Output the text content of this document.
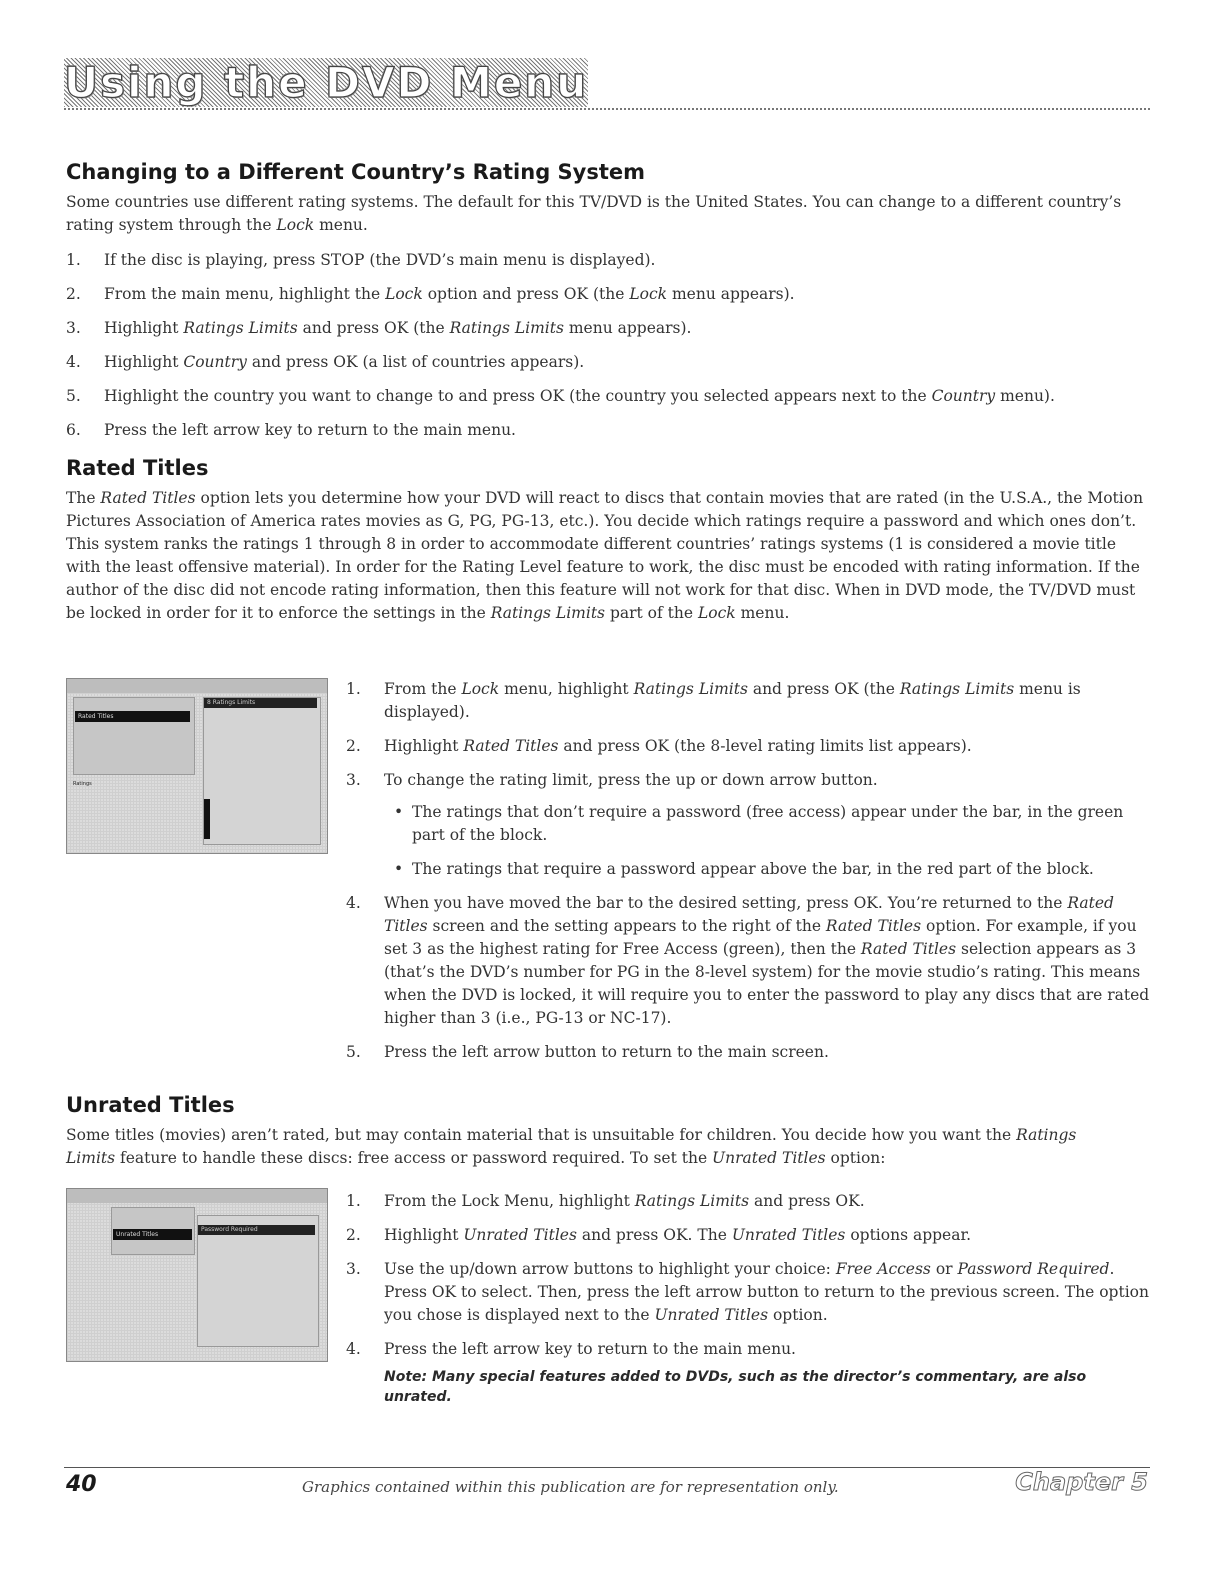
Using the DVD Menu
Changing to a Different Country’s Rating System

Some countries use different rating systems. The default for this TV/DVD is the United States. You can change to a different country’s rating system through the Lock menu.

1.	If the disc is playing, press STOP (the DVD’s main menu is displayed).
2.	From the main menu, highlight the Lock option and press OK (the Lock menu appears).
3.	Highlight Ratings Limits and press OK (the Ratings Limits menu appears).
4.	Highlight Country and press OK (a list of countries appears).
5.	Highlight the country you want to change to and press OK (the country you selected appears next to the Country menu).
6.	Press the left arrow key to return to the main menu.
Rated Titles

The Rated Titles option lets you determine how your DVD will react to discs that contain movies that are rated (in the U.S.A., the Motion Pictures Association of America rates movies as G, PG, PG-13, etc.). You decide which ratings require a password and which ones don’t. This system ranks the ratings 1 through 8 in order to accommodate different countries’ ratings systems (1 is considered a movie title with the least offensive material). In order for the Rating Level feature to work, the disc must be encoded with rating information. If the author of the disc did not encode rating information, then this feature will not work for that disc. When in DVD mode, the TV/DVD must be locked in order for it to enforce the settings in the Ratings Limits part of the Lock menu.

Rated Titles
Ratings
8 Ratings Limits
1.	From the Lock menu, highlight Ratings Limits and press OK (the Ratings Limits menu is displayed).
2.	Highlight Rated Titles and press OK (the 8-level rating limits list appears).
3.	To change the rating limit, press the up or down arrow button.
• The ratings that don’t require a password (free access) appear under the bar, in the green part of the block.
• The ratings that require a password appear above the bar, in the red part of the block.
4.	When you have moved the bar to the desired setting, press OK. You’re returned to the Rated Titles screen and the setting appears to the right of the Rated Titles option. For example, if you set 3 as the highest rating for Free Access (green), then the Rated Titles selection appears as 3 (that’s the DVD’s number for PG in the 8-level system) for the movie studio’s rating. This means when the DVD is locked, it will require you to enter the password to play any discs that are rated higher than 3 (i.e., PG-13 or NC-17).
5.	Press the left arrow button to return to the main screen.
Unrated Titles

Some titles (movies) aren’t rated, but may contain material that is unsuitable for children. You decide how you want the Ratings Limits feature to handle these discs: free access or password required. To set the Unrated Titles option:

Unrated Titles
Password Required
1.	From the Lock Menu, highlight Ratings Limits and press OK.
2.	Highlight Unrated Titles and press OK. The Unrated Titles options appear.
3.	Use the up/down arrow buttons to highlight your choice: Free Access or Password Required. Press OK to select. Then, press the left arrow button to return to the previous screen. The option you chose is displayed next to the Unrated Titles option.
4.	Press the left arrow key to return to the main menu.
Note: Many special features added to DVDs, such as the director’s commentary, are also unrated.
40	Graphics contained within this publication are for representation only.	Chapter 5
